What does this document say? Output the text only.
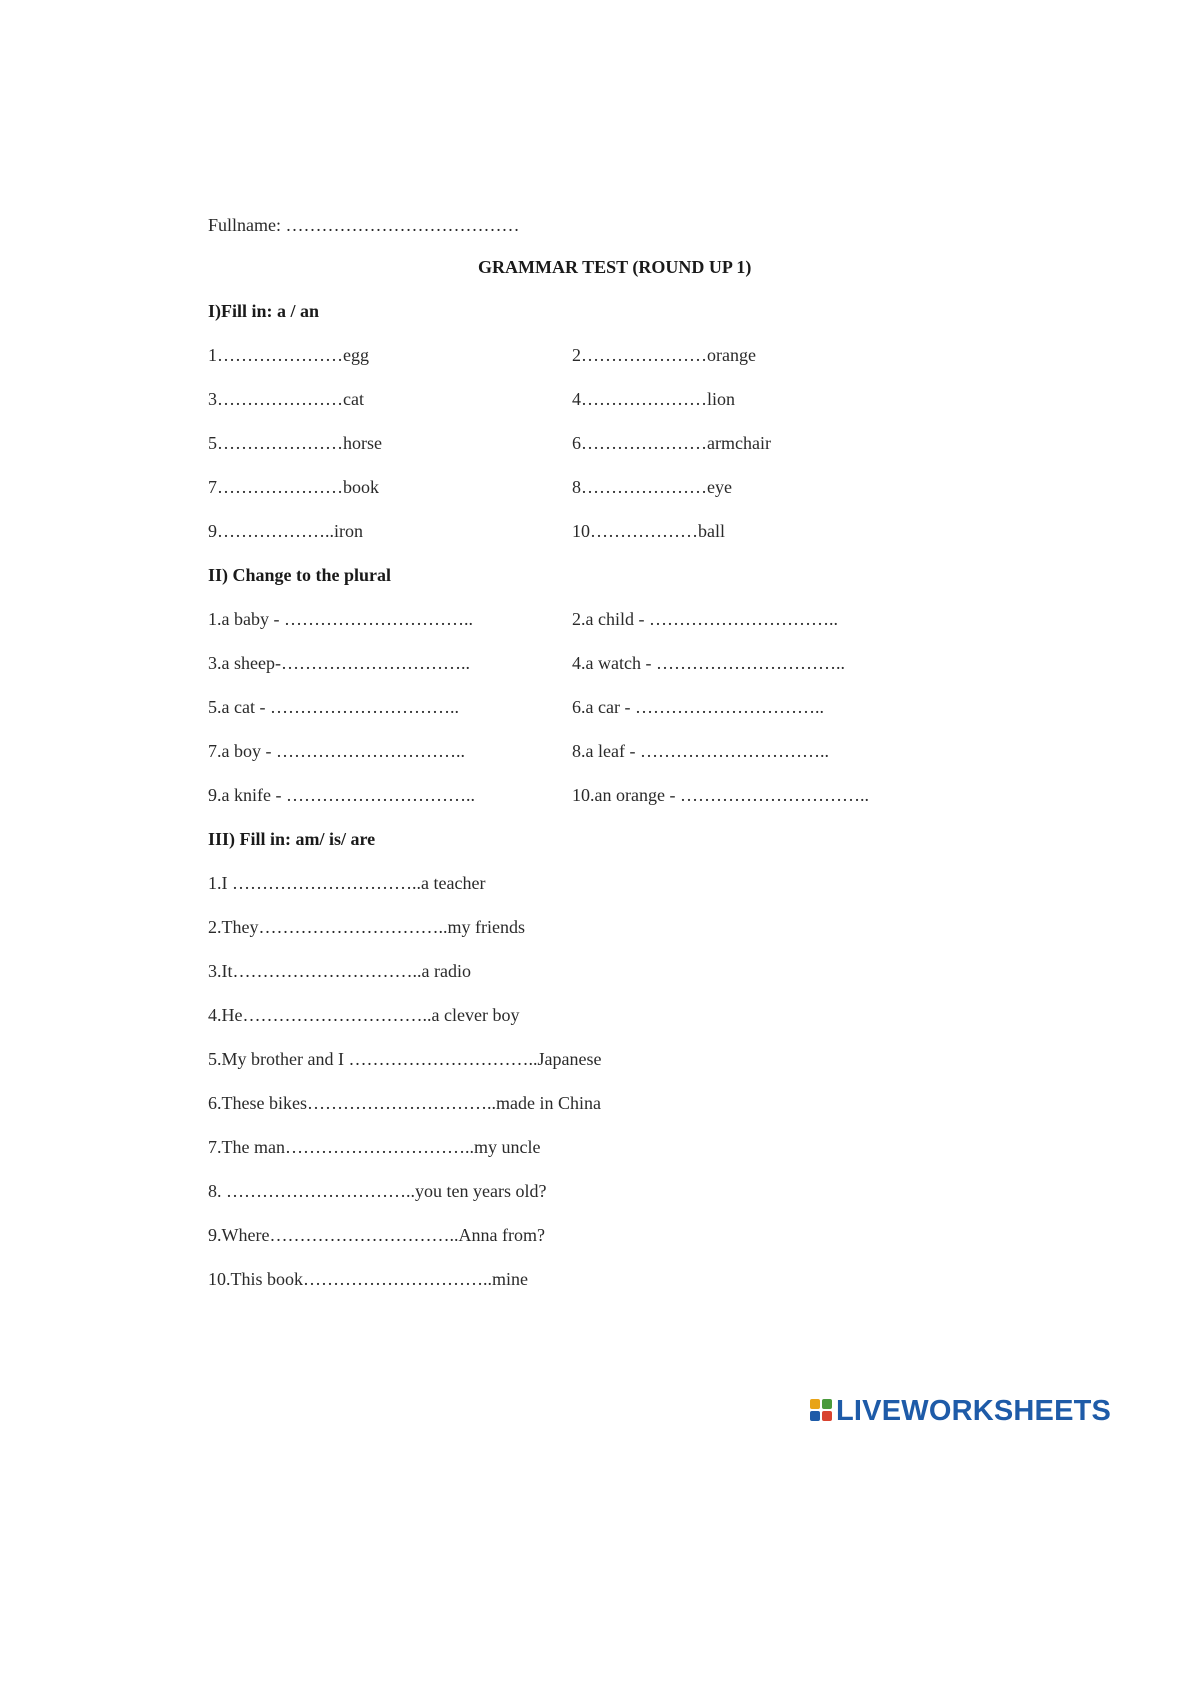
Fullname: …………………………………
GRAMMAR TEST (ROUND UP 1)
I)Fill in: a / an
1…………………egg	2…………………orange
3…………………cat	4…………………lion
5…………………horse	6…………………armchair
7…………………book	8…………………eye
9………………..iron	10………………ball
II) Change to the plural
1.a baby - …………………………..	2.a child - …………………………..
3.a sheep-…………………………..	4.a watch - …………………………..
5.a cat - …………………………..	6.a car - …………………………..
7.a boy - …………………………..	8.a leaf - …………………………..
9.a knife - …………………………..	10.an orange - …………………………..
III) Fill in: am/ is/ are
1.I …………………………..a teacher
2.They…………………………..my friends
3.It…………………………..a radio
4.He…………………………..a clever boy
5.My brother and I …………………………..Japanese
6.These bikes…………………………..made in China
7.The man…………………………..my uncle
8. …………………………..you ten years old?
9.Where…………………………..Anna from?
10.This book…………………………..mine
LIVEWORKSHEETS
